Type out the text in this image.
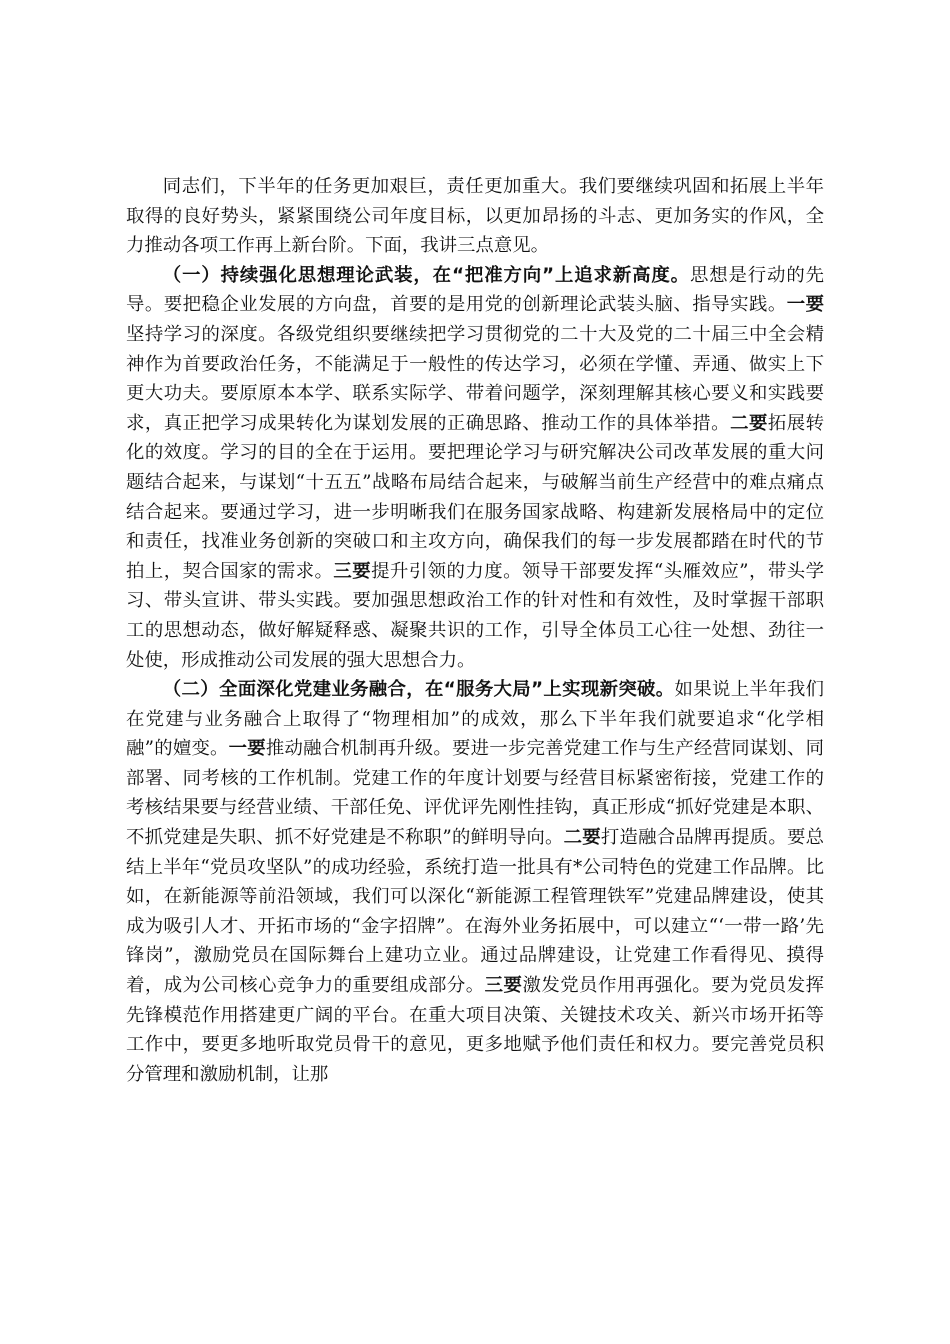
同志们，下半年的任务更加艰巨，责任更加重大。我们要继续巩固和拓展上半年取得的良好势头，紧紧围绕公司年度目标，以更加昂扬的斗志、更加务实的作风，全力推动各项工作再上新台阶。下面，我讲三点意见。

（一）持续强化思想理论武装，在“把准方向”上追求新高度。思想是行动的先导。要把稳企业发展的方向盘，首要的是用党的创新理论武装头脑、指导实践。一要坚持学习的深度。各级党组织要继续把学习贯彻党的二十大及党的二十届三中全会精神作为首要政治任务，不能满足于一般性的传达学习，必须在学懂、弄通、做实上下更大功夫。要原原本本学、联系实际学、带着问题学，深刻理解其核心要义和实践要求，真正把学习成果转化为谋划发展的正确思路、推动工作的具体举措。二要拓展转化的效度。学习的目的全在于运用。要把理论学习与研究解决公司改革发展的重大问题结合起来，与谋划“十五五”战略布局结合起来，与破解当前生产经营中的难点痛点结合起来。要通过学习，进一步明晰我们在服务国家战略、构建新发展格局中的定位和责任，找准业务创新的突破口和主攻方向，确保我们的每一步发展都踏在时代的节拍上，契合国家的需求。三要提升引领的力度。领导干部要发挥“头雁效应”，带头学习、带头宣讲、带头实践。要加强思想政治工作的针对性和有效性，及时掌握干部职工的思想动态，做好解疑释惑、凝聚共识的工作，引导全体员工心往一处想、劲往一处使，形成推动公司发展的强大思想合力。

（二）全面深化党建业务融合，在“服务大局”上实现新突破。如果说上半年我们在党建与业务融合上取得了“物理相加”的成效，那么下半年我们就要追求“化学相融”的嬗变。一要推动融合机制再升级。要进一步完善党建工作与生产经营同谋划、同部署、同考核的工作机制。党建工作的年度计划要与经营目标紧密衔接，党建工作的考核结果要与经营业绩、干部任免、评优评先刚性挂钩，真正形成“抓好党建是本职、不抓党建是失职、抓不好党建是不称职”的鲜明导向。二要打造融合品牌再提质。要总结上半年“党员攻坚队”的成功经验，系统打造一批具有*公司特色的党建工作品牌。比如，在新能源等前沿领域，我们可以深化“新能源工程管理铁军”党建品牌建设，使其成为吸引人才、开拓市场的“金字招牌”。在海外业务拓展中，可以建立“‘一带一路’先锋岗”，激励党员在国际舞台上建功立业。通过品牌建设，让党建工作看得见、摸得着，成为公司核心竞争力的重要组成部分。三要激发党员作用再强化。要为党员发挥先锋模范作用搭建更广阔的平台。在重大项目决策、关键技术攻关、新兴市场开拓等工作中，要更多地听取党员骨干的意见，更多地赋予他们责任和权力。要完善党员积分管理和激励机制，让那
